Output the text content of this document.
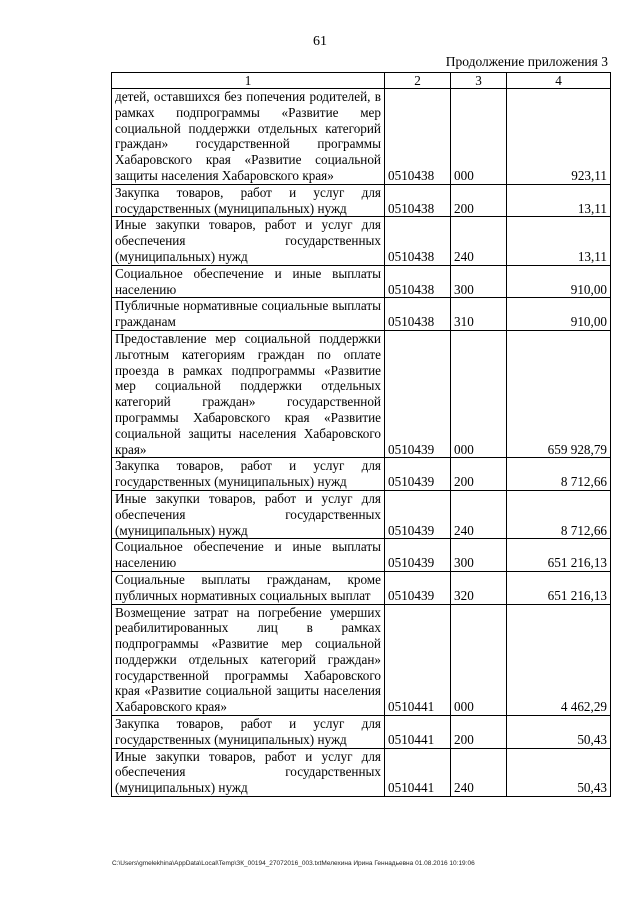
61
Продолжение приложения 3
1	2	3	4
детей, оставшихся без попечения родителей, в рамках подпрограммы «Развитие мер социальной поддержки отдельных категорий граждан» государственной программы Хабаровского края «Развитие социальной защиты населения Хабаровского края»	0510438	000	923,11
Закупка товаров, работ и услуг для государственных (муниципальных) нужд	0510438	200	13,11
Иные закупки товаров, работ и услуг для обеспечения государственных (муниципальных) нужд	0510438	240	13,11
Социальное обеспечение и иные выплаты населению	0510438	300	910,00
Публичные нормативные социальные выплаты гражданам	0510438	310	910,00
Предоставление мер социальной поддержки льготным категориям граждан по оплате проезда в рамках подпрограммы «Развитие мер социальной поддержки отдельных категорий граждан» государственной программы Хабаровского края «Развитие социальной защиты населения Хабаровского края»	0510439	000	659 928,79
Закупка товаров, работ и услуг для государственных (муниципальных) нужд	0510439	200	8 712,66
Иные закупки товаров, работ и услуг для обеспечения государственных (муниципальных) нужд	0510439	240	8 712,66
Социальное обеспечение и иные выплаты населению	0510439	300	651 216,13
Социальные выплаты гражданам, кроме публичных нормативных социальных выплат	0510439	320	651 216,13
Возмещение затрат на погребение умерших реабилитированных лиц в рамках подпрограммы «Развитие мер социальной поддержки отдельных категорий граждан» государственной программы Хабаровского края «Развитие социальной защиты населения Хабаровского края»	0510441	000	4 462,29
Закупка товаров, работ и услуг для государственных (муниципальных) нужд	0510441	200	50,43
Иные закупки товаров, работ и услуг для обеспечения государственных (муниципальных) нужд	0510441	240	50,43
C:\Users\gmelekhina\AppData\Local\Temp\ЗК_00194_27072016_003.txtМелехина Ирина Геннадьевна 01.08.2016 10:19:06
